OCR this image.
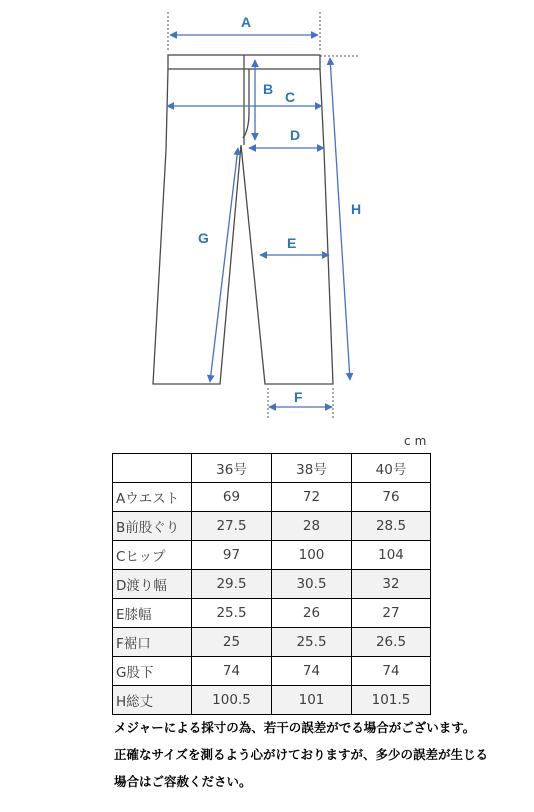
A
B C
D
E
F
G
H
cm
	36号	38号	40号
Aウエスト	69	72	76
B前股ぐり	27.5	28	28.5
Cヒップ	97	100	104
D渡り幅	29.5	30.5	32
E膝幅	25.5	26	27
F裾口	25	25.5	26.5
G股下	74	74	74
H総丈	100.5	101	101.5
メジャーによる採寸の為、若干の誤差がでる場合がございます。
正確なサイズを測るよう心がけておりますが、多少の誤差が生じる
場合はご容赦ください。
